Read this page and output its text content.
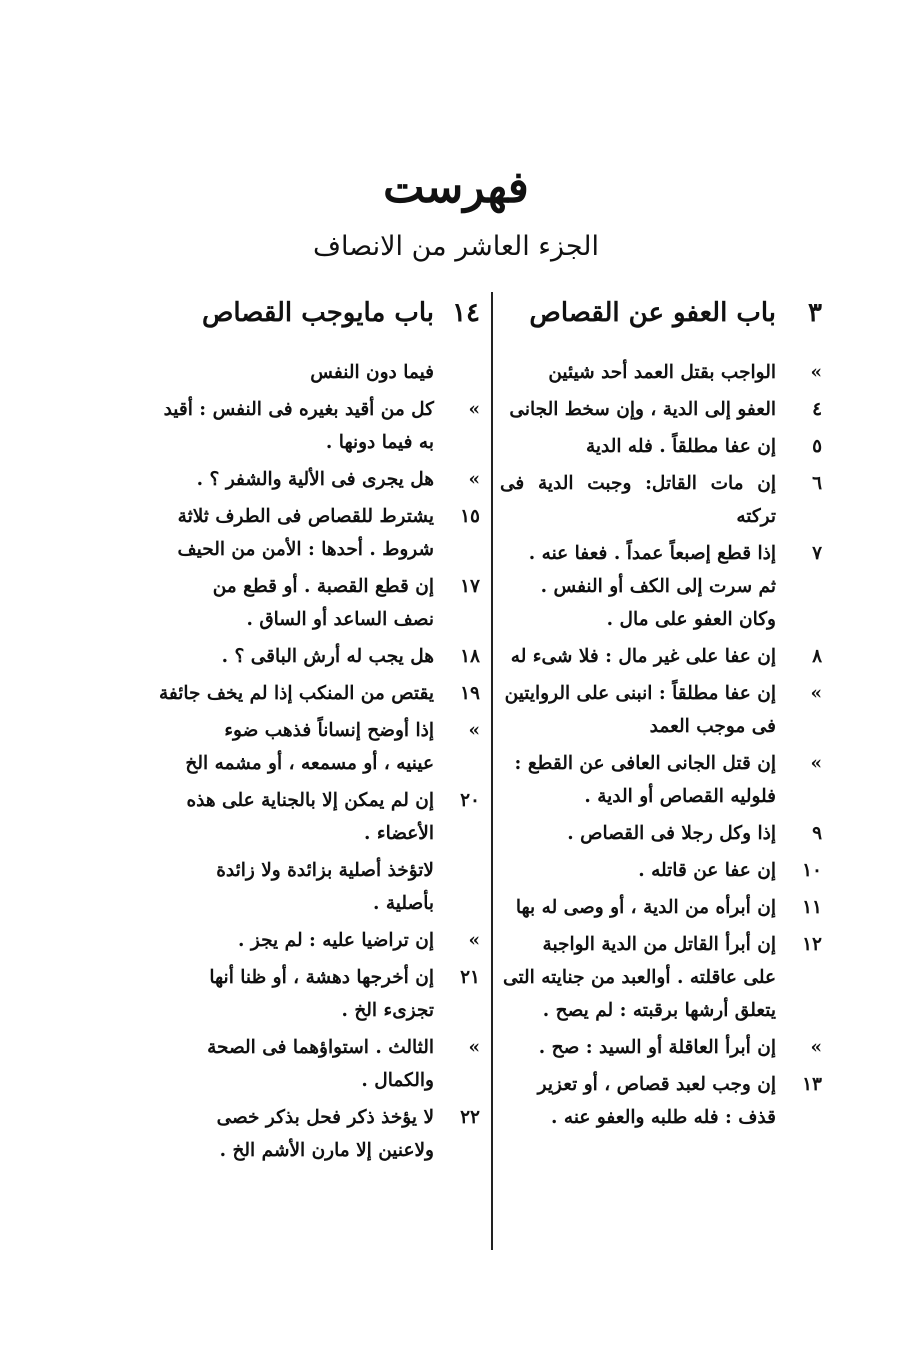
فهرست
الجزء العاشر من الانصاف
٣
باب العفو عن القصاص
»
الواجب بقتل العمد أحد شيئين
٤
العفو إلى الدية ، وإن سخط الجانى
٥
إن عفا مطلقاً . فله الدية
٦
إن مات القاتل: وجبت الدية فى تركته
٧
إذا قطع إصبعاً عمداً . فعفا عنه .
ثم سرت إلى الكف أو النفس .
وكان العفو على مال .
٨
إن عفا على غير مال : فلا شىء له
»
إن عفا مطلقاً : انبنى على الروايتين
فى موجب العمد
»
إن قتل الجانى العافى عن القطع :
فلوليه القصاص أو الدية .
٩
إذا وكل رجلا فى القصاص .
١٠
إن عفا عن قاتله .
١١
إن أبرأه من الدية ، أو وصى له بها
١٢
إن أبرأ القاتل من الدية الواجبة
على عاقلته . أوالعبد من جنايته التى
يتعلق أرشها برقبته : لم يصح .
»
إن أبرأ العاقلة أو السيد : صح .
١٣
إن وجب لعبد قصاص ، أو تعزير
قذف : فله طلبه والعفو عنه .
١٤
باب مايوجب القصاص
فيما دون النفس
»
كل من أقيد بغيره فى النفس : أقيد
به فيما دونها .
»
هل يجرى فى الألية والشفر ؟ .
١٥
يشترط للقصاص فى الطرف ثلاثة
شروط . أحدها : الأمن من الحيف
١٧
إن قطع القصبة . أو قطع من
نصف الساعد أو الساق .
١٨
هل يجب له أرش الباقى ؟ .
١٩
يقتص من المنكب إذا لم يخف جائفة
»
إذا أوضح إنساناً فذهب ضوء
عينيه ، أو مسمعه ، أو مشمه الخ
٢٠
إن لم يمكن إلا بالجناية على هذه
الأعضاء .
لاتؤخذ أصلية بزائدة ولا زائدة
بأصلية .
»
إن تراضيا عليه : لم يجز .
٢١
إن أخرجها دهشة ، أو ظنا أنها
تجزىء الخ .
»
الثالث . استواؤهما فى الصحة
والكمال .
٢٢
لا يؤخذ ذكر فحل بذكر خصى
ولاعنين إلا مارن الأشم الخ .
